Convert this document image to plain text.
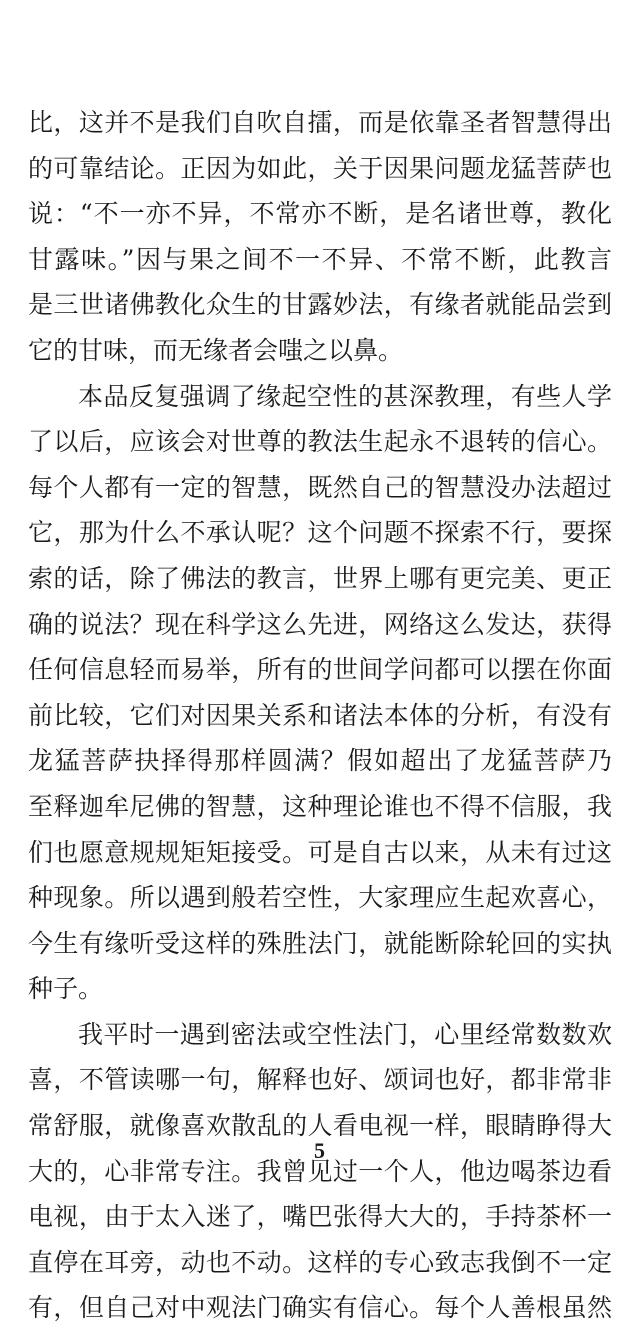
比，这并不是我们自吹自擂，而是依靠圣者智慧得出
的可靠结论。正因为如此，关于因果问题龙猛菩萨也
说：“不一亦不异，不常亦不断，是名诸世尊，教化
甘露味。”因与果之间不一不异、不常不断，此教言
是三世诸佛教化众生的甘露妙法，有缘者就能品尝到
它的甘味，而无缘者会嗤之以鼻。
本品反复强调了缘起空性的甚深教理，有些人学
了以后，应该会对世尊的教法生起永不退转的信心。
每个人都有一定的智慧，既然自己的智慧没办法超过
它，那为什么不承认呢？这个问题不探索不行，要探
索的话，除了佛法的教言，世界上哪有更完美、更正
确的说法？现在科学这么先进，网络这么发达，获得
任何信息轻而易举，所有的世间学问都可以摆在你面
前比较，它们对因果关系和诸法本体的分析，有没有
龙猛菩萨抉择得那样圆满？假如超出了龙猛菩萨乃
至释迦牟尼佛的智慧，这种理论谁也不得不信服，我
们也愿意规规矩矩接受。可是自古以来，从未有过这
种现象。所以遇到般若空性，大家理应生起欢喜心，
今生有缘听受这样的殊胜法门，就能断除轮回的实执
种子。
我平时一遇到密法或空性法门，心里经常数数欢
喜，不管读哪一句，解释也好、颂词也好，都非常非
常舒服，就像喜欢散乱的人看电视一样，眼睛睁得大
大的，心非常专注。我曾见过一个人，他边喝茶边看
电视，由于太入迷了，嘴巴张得大大的，手持茶杯一
直停在耳旁，动也不动。这样的专心致志我倒不一定
有，但自己对中观法门确实有信心。每个人善根虽然
5
